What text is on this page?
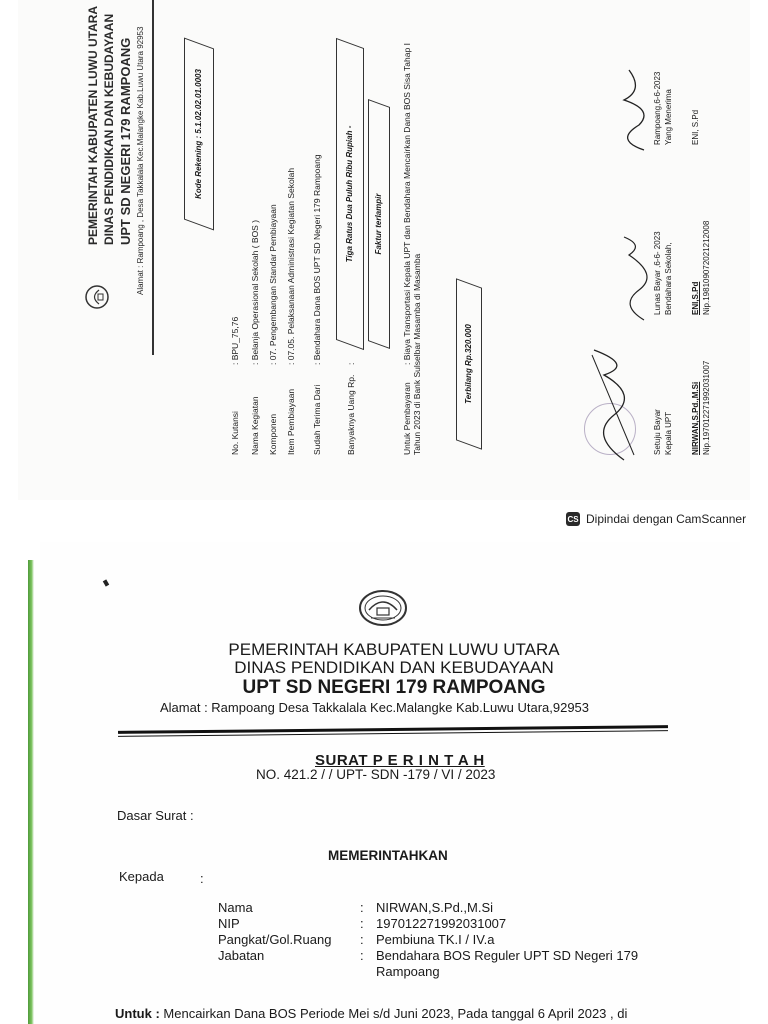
PEMERINTAH KABUPATEN LUWU UTARA DINAS PENDIDIKAN DAN KEBUDAYAAN UPT SD NEGERI 179 RAMPOANG Alamat : Rampoang , Desa Takkalala Kec.Malangke Kab.Luwu Utara 92953	Kode Rekening : 5.1.02.02.01.0003
No. Kutansi: BPU_75,76
Nama Kegiatan: Belanja Operasional Sekolah ( BOS )
Komponen: 07. Pengembangan Standar Pembiayaan
Item Pembiayaan: 07.05. Pelaksanaan Administrasi Kegiatan Sekolah
Sudah Terima Dari: Bendahara Dana BOS UPT SD Negeri 179 Rampoang
Banyaknya Uang Rp.:
Tiga Ratus Dua Puluh Ribu Rupiah -	Faktur terlampir
Untuk Pembayaran: Biaya Transportasi Kepala UPT dan Bendahara Mencairkan Dana BOS Sisa Tahap I Tahun 2023 di Bank Sulselbar Masamba di Masamba	Terbilang Rp.320.000
Setuju Bayar Kepala UPT NIRWAN,S.Pd.,M.Si Nip.197012271992031007
Lunas Bayar ,6-6- 2023 Bendahara Sekolah, ENI,S.Pd Nip.198109072021212008
Rampoang,6-6-2023 Yang Menerima ENI, S.Pd
CS Dipindai dengan CamScanner
PEMERINTAH KABUPATEN LUWU UTARA
DINAS PENDIDIKAN DAN KEBUDAYAAN
UPT SD NEGERI 179 RAMPOANG
Alamat : Rampoang Desa Takkalala Kec.Malangke Kab.Luwu Utara,92953
SURAT P E R I N T A H
NO. 421.2 / / UPT- SDN -179 / VI / 2023
Dasar Surat :
MEMERINTAHKAN
Kepada	:
Nama	: NIRWAN,S.Pd.,M.Si
NIP	: 197012271992031007
Pangkat/Gol.Ruang	: Pembiuna TK.I / IV.a
Jabatan	: Bendahara BOS Reguler UPT SD Negeri 179 Rampoang
Untuk : Mencairkan Dana BOS Periode Mei s/d Juni 2023, Pada tanggal 6 April 2023 , di
